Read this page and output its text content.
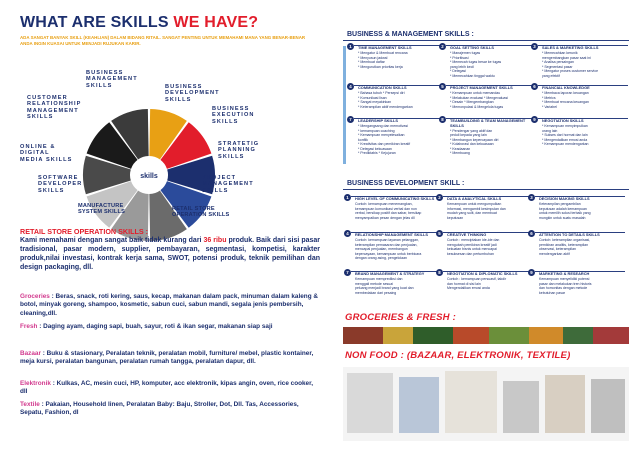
WHAT ARE SKILLS WE HAVE?
ADA SANGAT BANYAK SKILL (KEAHLIAN) DALAM BIDANG RITAIL. SANGAT PENTING UNTUK MEMAHAMI MANA YANG BENAR-BENAR ANDA INGIN KUASAI UNTUK MENJADI RUJUKAN KARIR.
skills
BUSINESS MANAGEMENT SKILLS	BUSINESS DEVELOPMENT SKILLS
CUSTOMER RELATIONSHIP MANAGEMENT SKILLS
BUSINESS EXECUTION SKILLS
STRATETIG PLANNING SKILLS
ONLINE & DIGITAL MEDIA SKILLS
PROJECT MANAGEMENT SKILLS
SOFTWARE DEVELOPER SKILLS
RETAIL STORE OPERATION SKILLS
MANUFACTURE SYSTEM SKILLS
RETAIL STORE OPERATION SKILLS :
Kami memahami dengan sangat baik tidak kurang dari 36 ribu produk. Baik dari sisi pasar tradisional, pasar modern, supplier, pembayaran, segmentasi, kompetisi, karakter produk,nilai investasi, kontrak kerja sama, SWOT, potensi produk, teknik pemilihan dan design packaging, dll.
Groceries : Beras, snack, roti kering, saus, kecap, makanan dalam pack, minuman dalam kaleng & botol, minyak goreng, shampoo, kosmetic, sabun cuci, sabun mandi, segala jenis pembersih, cleaning,dll.
Fresh : Daging ayam, daging sapi, buah, sayur, roti & ikan segar, makanan siap saji
Bazaar : Buku & stasionary, Peralatan teknik, peralatan mobil, furniture/ mebel, plastic kontainer, meja kursi, peralatan bangunan, peralatan rumah tangga, peralatan dapur, dll.
Elektronik : Kulkas, AC, mesin cuci, HP, komputer, acc elektronik, kipas angin, oven, rice cooker, dll
Textile : Pakaian, Household linen, Peralatan Baby: Baju, Stroller, Dot, Dll. Tas, Accessories, Sepatu, Fashion, dl
BUSINESS & MANAGEMENT SKILLS :
1	TIME MANAGEMENT SKILLS
* Mengatur & Membuat rencana
* Menyusun jadwal
* Membuat daftar
* Mengurutkan prioritas kerja
2	GOAL SETTING SKILLS
* Manajemen tugas
* Prioritisasi
* Memecah tugas besar ke tugas
yang lebih kecil
* Delegasi
* Memecahkan tinggal waktu
3	SALES & MARKETING SKILLS
* Memecahkan kerunik
mengembangkan pasar saat ini
* Analisa persaingan
* Segmentasi pasar
* Mengatur proses customer service
yang efektif
4	COMMUNICATION SKILLS
* Bahasa tubuh * Persepsi diri
* Komunikasi lisan
* Sangat meyakinkan
* Keterampilan aktif mendengarkan
5	PROJECT MANAGEMENT SKILLS
* Kemampuan untuk memandau
* Melakukan evaluasi * Mengevaluasi
* Desain * Mengembangkan
* Memonpulasi & Mengelola tugas
6	FINANCIAL KNOWLEDGE
* Membaca laporan keuangan
* Metrics
* Membuat rencana keuangan
* Variabel
7	LEADERSHIP SKILLS
* Mengangsang dan memotivasi
* kemampuan coaching
* Kemampuan menyelesaikan
konflik
* Kreativitas dan pemikiran kreatif
* Delegasi kekuasaan
* Prediktabis * Kejujuran
8	TEAMBUILDING & TEAM MANAGEMENT SKILLS
* Pendengar yang aktif dan
peduli kepada yang lain
* Membangun kepercayaan diri
* Kolaborasi dan kekuasaan
* Keadaanan
* Membuang
9	NEGOTIATION SKILLS
* Kemampuan menyimpulkan
orang lain
* Sukses dari hormat dan lain
* Mengendalikan emosi anda
* Kemampuan mendengarkan
BUSINESS DEVELOPMENT SKILL :
1	HIGH LEVEL OF COMMUNICATING SKILLS
Contoh: kemampuan menemangkan,
kemampuan komunikasi verbal dan non
verbal, bersikap positif dan sabar, bersikap
menyampaikan pesan dengan jelas dll
2	DATA & ANALYTICAL SKILLS
Kemampuan untuk mengumpulkan
informasi, mengambil kesimpulan dan
mudah yang sulit, dan membuat
keputusan
3	DECISION MAKING SKILLS
Keterampilan pengambilan
keputusan adalah kemampuan
untuk memilih solusi terbaik yang
mungkin untuk suatu masalah
4	RELATIONSHIP MANAGEMENT SKILLS
Contoh: kemampuan layanan pelanggan,
keterampilan pemasaran dan penjualan,
mencapai penjualan, membangun
kepercayaan, kemampuan untuk berbicara
dengan orang asing, pengelolaan
5	CREATIVE THINKING
Contoh : menciptakan ide-ide dan
mengubah pemikiran kreatif jadi
kekuatan bisnis untuk mencapai
kesuksesan dan pertumbuhan
6	ATTENTION TO DETAILS SKILLS
Contoh: keterampilan organisasi,
pemikiran analitis, keterampilan
observasi, keterampilan
mendengarkan aktif
7	BRAND MANAGEMENT & STRATEGY
Kemampuan memprediksi dan
menggali metode sesuai
peluang menjadi brand yang kuat dan
membedakan dari pesaing
8	NEGOTIATION & DIPLOMATIC SKILLS
Contoh : kemampuan persuasif, takdir
dan hormat di sisi lain
Mengendalikan emosi anda
9	MARKETING & RESEARCH
Kemampuan menyelidiki potensi
pasar dan melakukan tren historis
dan homonitas dengan metode
kebutuhan pasar
GROCERIES & FRESH :
NON FOOD : (BAZAAR, ELEKTRONIK, TEXTILE)
